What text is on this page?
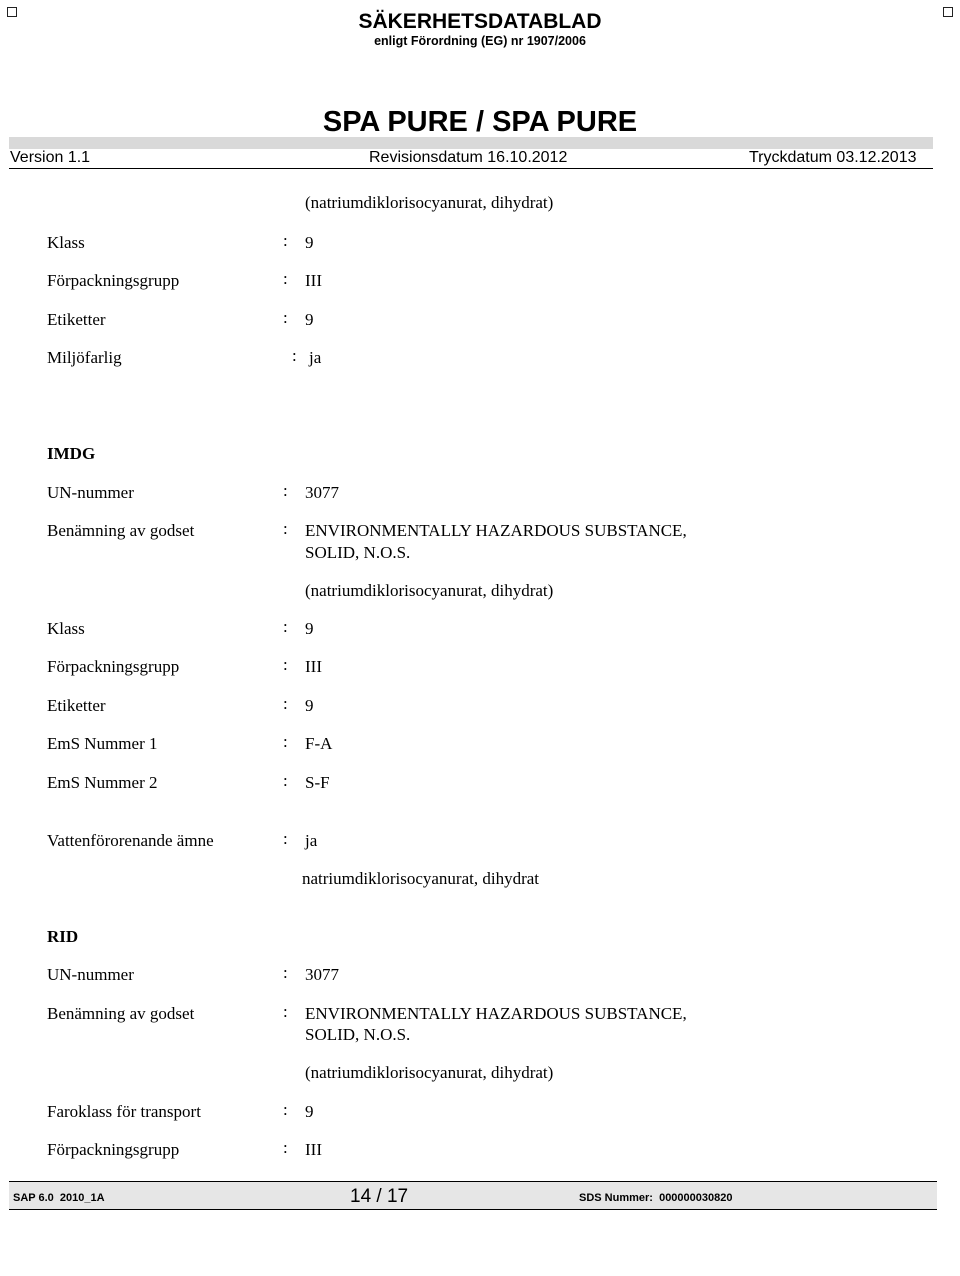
SÄKERHETSDATABLAD
enligt Förordning (EG) nr 1907/2006
SPA PURE / SPA PURE
Version 1.1	Revisionsdatum 16.10.2012	Tryckdatum 03.12.2013
(natriumdiklorisocyanurat, dihydrat)
Klass	: 9
Förpackningsgrupp	: III
Etiketter	: 9
Miljöfarlig	: ja
IMDG
UN-nummer	: 3077
Benämning av godset	: ENVIRONMENTALLY HAZARDOUS SUBSTANCE,
SOLID, N.O.S.
(natriumdiklorisocyanurat, dihydrat)
Klass	: 9
Förpackningsgrupp	: III
Etiketter	: 9
EmS Nummer 1	: F-A
EmS Nummer 2	: S-F
Vattenförorenande ämne	: ja
natriumdiklorisocyanurat, dihydrat
RID
UN-nummer	: 3077
Benämning av godset	: ENVIRONMENTALLY HAZARDOUS SUBSTANCE,
SOLID, N.O.S.
(natriumdiklorisocyanurat, dihydrat)
Faroklass för transport	: 9
Förpackningsgrupp	: III
SAP 6.0  2010_1A	14 / 17	SDS Nummer:  000000030820
